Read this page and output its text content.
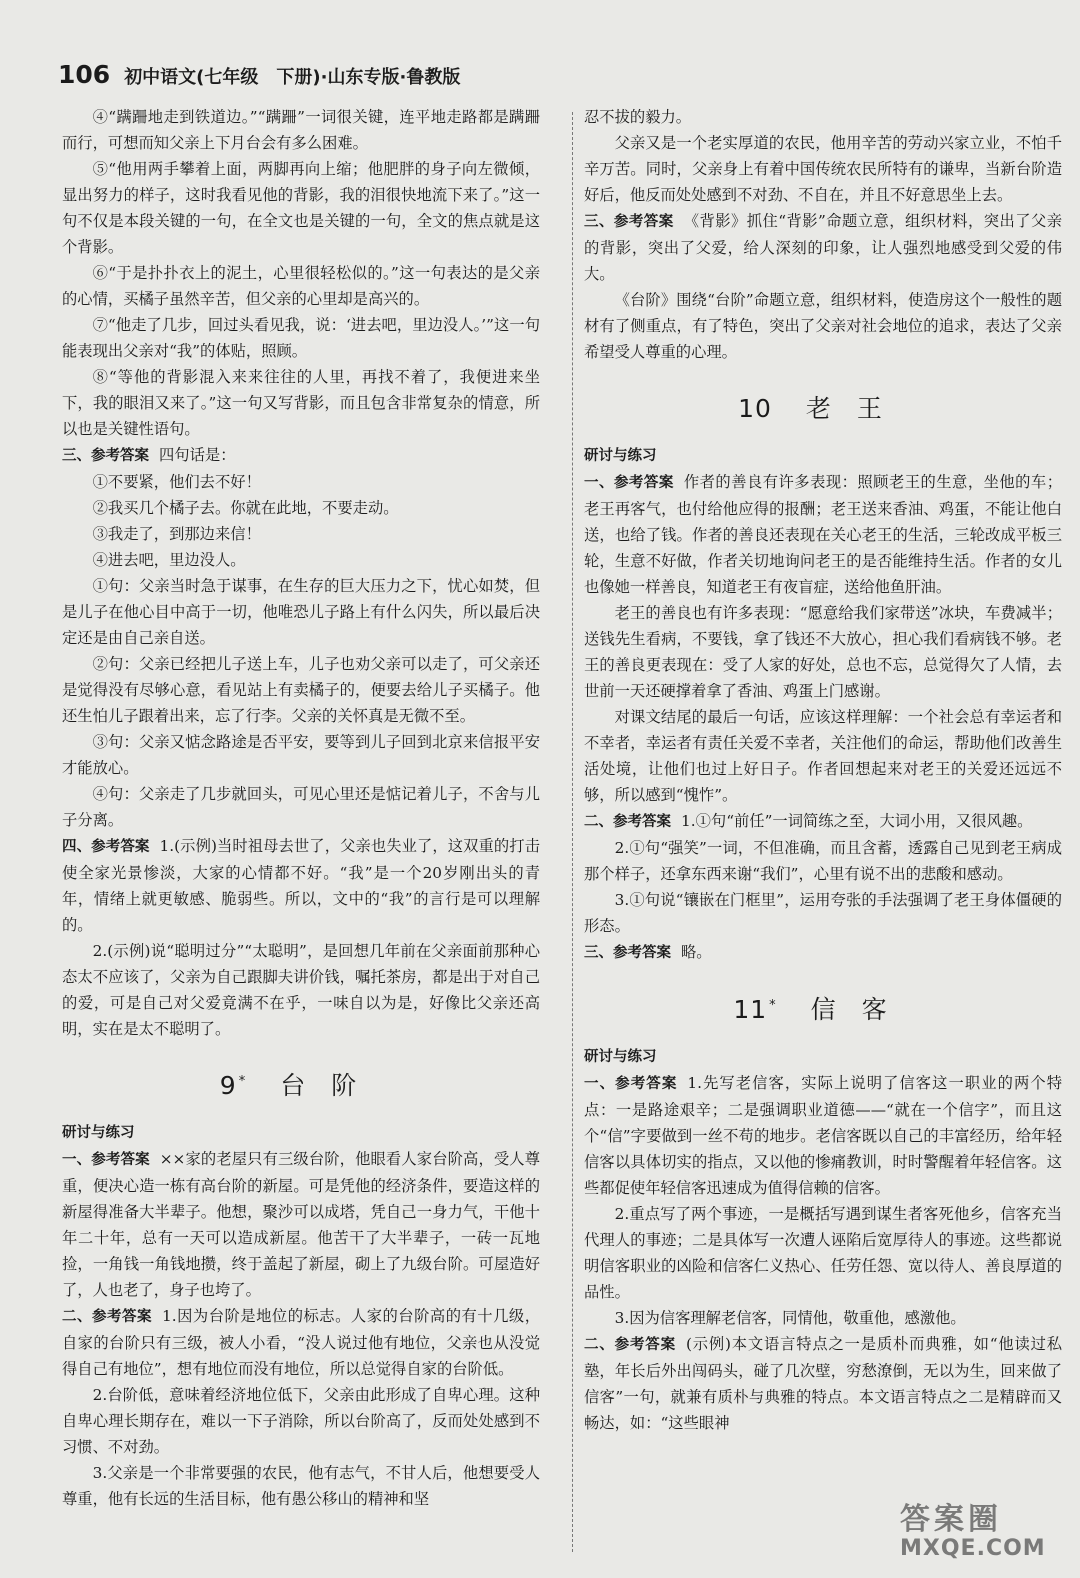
106 初中语文(七年级　下册)·山东专版·鲁教版

④“蹒跚地走到铁道边。”“蹒跚”一词很关键，连平地走路都是蹒跚而行，可想而知父亲上下月台会有多么困难。

⑤“他用两手攀着上面，两脚再向上缩；他肥胖的身子向左微倾，显出努力的样子，这时我看见他的背影，我的泪很快地流下来了。”这一句不仅是本段关键的一句，在全文也是关键的一句，全文的焦点就是这个背影。

⑥“于是扑扑衣上的泥土，心里很轻松似的。”这一句表达的是父亲的心情，买橘子虽然辛苦，但父亲的心里却是高兴的。

⑦“他走了几步，回过头看见我，说：‘进去吧，里边没人。’”这一句能表现出父亲对“我”的体贴，照顾。

⑧“等他的背影混入来来往往的人里，再找不着了，我便进来坐下，我的眼泪又来了。”这一句又写背影，而且包含非常复杂的情意，所以也是关键性语句。

三、参考答案 四句话是：

①不要紧，他们去不好！

②我买几个橘子去。你就在此地，不要走动。

③我走了，到那边来信！

④进去吧，里边没人。

①句：父亲当时急于谋事，在生存的巨大压力之下，忧心如焚，但是儿子在他心目中高于一切，他唯恐儿子路上有什么闪失，所以最后决定还是由自己亲自送。

②句：父亲已经把儿子送上车，儿子也劝父亲可以走了，可父亲还是觉得没有尽够心意，看见站上有卖橘子的，便要去给儿子买橘子。他还生怕儿子跟着出来，忘了行李。父亲的关怀真是无微不至。

③句：父亲又惦念路途是否平安，要等到儿子回到北京来信报平安才能放心。

④句：父亲走了几步就回头，可见心里还是惦记着儿子，不舍与儿子分离。

四、参考答案 1.(示例)当时祖母去世了，父亲也失业了，这双重的打击使全家光景惨淡，大家的心情都不好。“我”是一个20岁刚出头的青年，情绪上就更敏感、脆弱些。所以，文中的“我”的言行是可以理解的。

2.(示例)说“聪明过分”“太聪明”，是回想几年前在父亲面前那种心态太不应该了，父亲为自己跟脚夫讲价钱，嘱托茶房，都是出于对自己的爱，可是自己对父爱竟满不在乎，一味自以为是，好像比父亲还高明，实在是太不聪明了。

9 * 台阶

研讨与练习

一、参考答案 ××家的老屋只有三级台阶，他眼看人家台阶高，受人尊重，便决心造一栋有高台阶的新屋。可是凭他的经济条件，要造这样的新屋得准备大半辈子。他想，聚沙可以成塔，凭自己一身力气，干他十年二十年，总有一天可以造成新屋。他苦干了大半辈子，一砖一瓦地捡，一角钱一角钱地攒，终于盖起了新屋，砌上了九级台阶。可屋造好了，人也老了，身子也垮了。

二、参考答案 1.因为台阶是地位的标志。人家的台阶高的有十几级，自家的台阶只有三级，被人小看，“没人说过他有地位，父亲也从没觉得自己有地位”，想有地位而没有地位，所以总觉得自家的台阶低。

2.台阶低，意味着经济地位低下，父亲由此形成了自卑心理。这种自卑心理长期存在，难以一下子消除，所以台阶高了，反而处处感到不习惯、不对劲。

3.父亲是一个非常要强的农民，他有志气，不甘人后，他想要受人尊重，他有长远的生活目标，他有愚公移山的精神和坚

忍不拔的毅力。

父亲又是一个老实厚道的农民，他用辛苦的劳动兴家立业，不怕千辛万苦。同时，父亲身上有着中国传统农民所特有的谦卑，当新台阶造好后，他反而处处感到不对劲、不自在，并且不好意思坐上去。

三、参考答案 《背影》抓住“背影”命题立意，组织材料，突出了父亲的背影，突出了父爱，给人深刻的印象，让人强烈地感受到父爱的伟大。

《台阶》围绕“台阶”命题立意，组织材料，使造房这个一般性的题材有了侧重点，有了特色，突出了父亲对社会地位的追求，表达了父亲希望受人尊重的心理。

10 老王

研讨与练习

一、参考答案 作者的善良有许多表现：照顾老王的生意，坐他的车；老王再客气，也付给他应得的报酬；老王送来香油、鸡蛋，不能让他白送，也给了钱。作者的善良还表现在关心老王的生活，三轮改成平板三轮，生意不好做，作者关切地询问老王的是否能维持生活。作者的女儿也像她一样善良，知道老王有夜盲症，送给他鱼肝油。

老王的善良也有许多表现：“愿意给我们家带送”冰块，车费减半；送钱先生看病，不要钱，拿了钱还不大放心，担心我们看病钱不够。老王的善良更表现在：受了人家的好处，总也不忘，总觉得欠了人情，去世前一天还硬撑着拿了香油、鸡蛋上门感谢。

对课文结尾的最后一句话，应该这样理解：一个社会总有幸运者和不幸者，幸运者有责任关爱不幸者，关注他们的命运，帮助他们改善生活处境，让他们也过上好日子。作者回想起来对老王的关爱还远远不够，所以感到“愧怍”。

二、参考答案 1.①句“前任”一词简练之至，大词小用，又很风趣。

2.①句“强笑”一词，不但准确，而且含蓄，透露自己见到老王病成那个样子，还拿东西来谢“我们”，心里有说不出的悲酸和感动。

3.①句说“镶嵌在门框里”，运用夸张的手法强调了老王身体僵硬的形态。

三、参考答案 略。

11 * 信客

研讨与练习

一、参考答案 1.先写老信客，实际上说明了信客这一职业的两个特点：一是路途艰辛；二是强调职业道德——“就在一个信字”，而且这个“信”字要做到一丝不苟的地步。老信客既以自己的丰富经历，给年轻信客以具体切实的指点，又以他的惨痛教训，时时警醒着年轻信客。这些都促使年轻信客迅速成为值得信赖的信客。

2.重点写了两个事迹，一是概括写遇到谋生者客死他乡，信客充当代理人的事迹；二是具体写一次遭人诬陷后宽厚待人的事迹。这些都说明信客职业的凶险和信客仁义热心、任劳任怨、宽以待人、善良厚道的品性。

3.因为信客理解老信客，同情他，敬重他，感激他。

二、参考答案 (示例)本文语言特点之一是质朴而典雅，如“他读过私塾，年长后外出闯码头，碰了几次壁，穷愁潦倒，无以为生，回来做了信客”一句，就兼有质朴与典雅的特点。本文语言特点之二是精辟而又畅达，如：“这些眼神

答案圈
MXQE.COM
